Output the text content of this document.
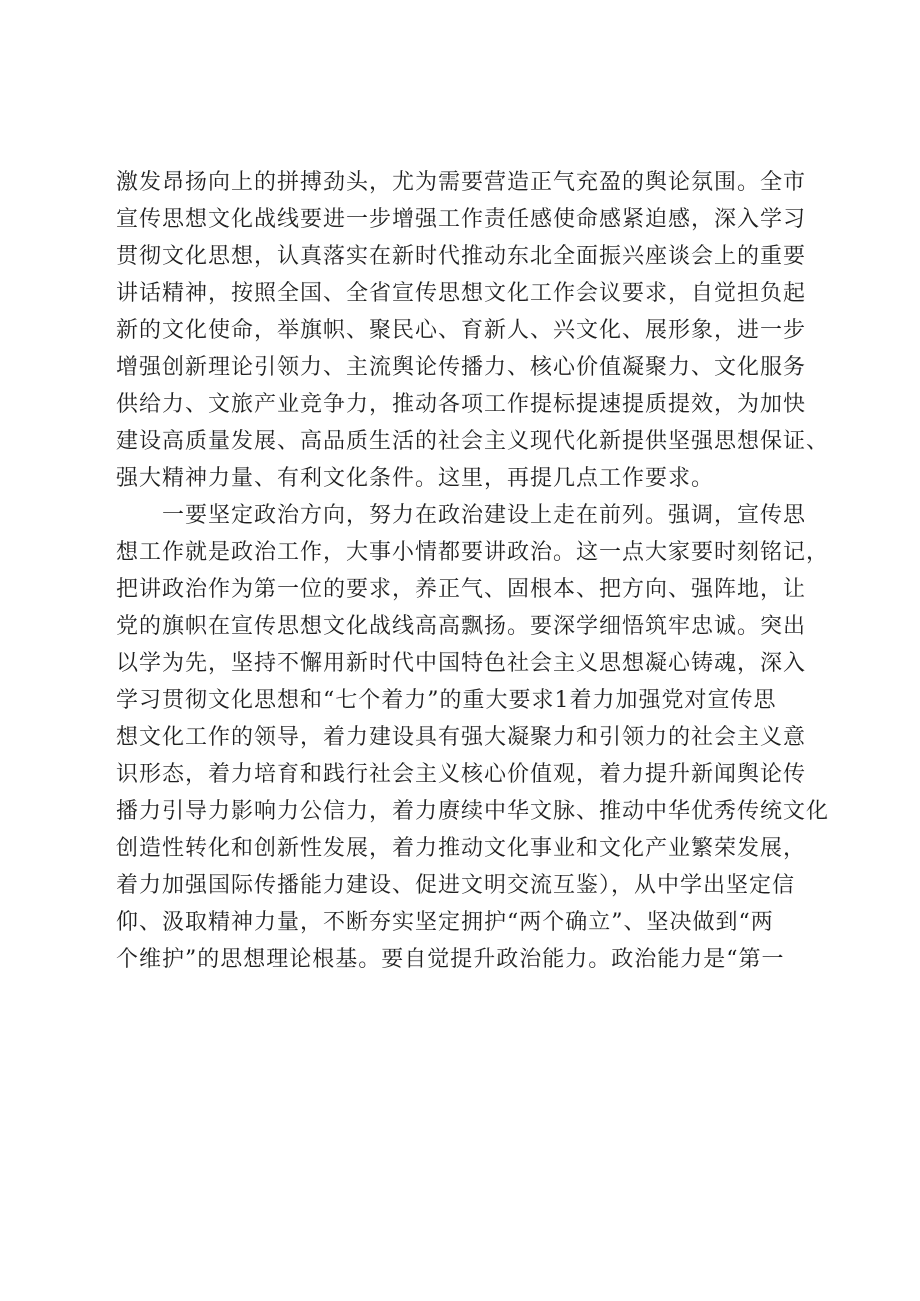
激发昂扬向上的拼搏劲头，尤为需要营造正气充盈的舆论氛围。全市
宣传思想文化战线要进一步增强工作责任感使命感紧迫感，深入学习
贯彻文化思想，认真落实在新时代推动东北全面振兴座谈会上的重要
讲话精神，按照全国、全省宣传思想文化工作会议要求，自觉担负起
新的文化使命，举旗帜、聚民心、育新人、兴文化、展形象，进一步
增强创新理论引领力、主流舆论传播力、核心价值凝聚力、文化服务
供给力、文旅产业竞争力，推动各项工作提标提速提质提效，为加快
建设高质量发展、高品质生活的社会主义现代化新提供坚强思想保证、
强大精神力量、有利文化条件。这里，再提几点工作要求。
一要坚定政治方向，努力在政治建设上走在前列。强调，宣传思
想工作就是政治工作，大事小情都要讲政治。这一点大家要时刻铭记，
把讲政治作为第一位的要求，养正气、固根本、把方向、强阵地，让
党的旗帜在宣传思想文化战线高高飘扬。要深学细悟筑牢忠诚。突出
以学为先，坚持不懈用新时代中国特色社会主义思想凝心铸魂，深入
学习贯彻文化思想和“七个着力”的重大要求1着力加强党对宣传思
想文化工作的领导，着力建设具有强大凝聚力和引领力的社会主义意
识形态，着力培育和践行社会主义核心价值观，着力提升新闻舆论传
播力引导力影响力公信力，着力赓续中华文脉、推动中华优秀传统文化
创造性转化和创新性发展，着力推动文化事业和文化产业繁荣发展，
着力加强国际传播能力建设、促进文明交流互鉴），从中学出坚定信
仰、汲取精神力量，不断夯实坚定拥护“两个确立”、坚决做到“两
个维护”的思想理论根基。要自觉提升政治能力。政治能力是“第一
